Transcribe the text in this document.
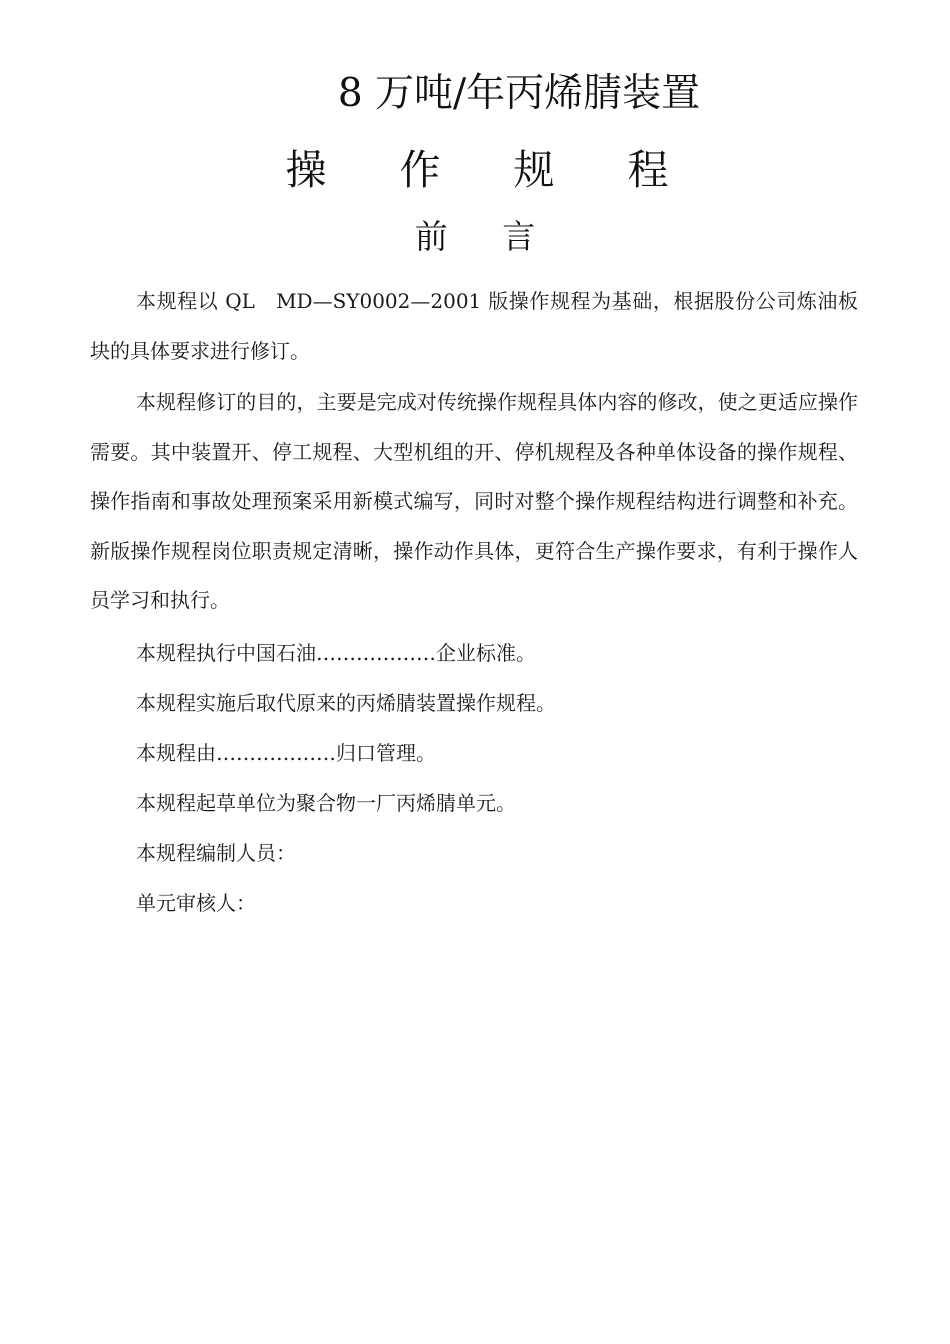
8 万吨/年丙烯腈装置
操 作 规 程
前 言

本规程以 QL　MD—SY0002—2001 版操作规程为基础，根据股份公司炼油板块的具体要求进行修订。

本规程修订的目的，主要是完成对传统操作规程具体内容的修改，使之更适应操作需要。其中装置开、停工规程、大型机组的开、停机规程及各种单体设备的操作规程、操作指南和事故处理预案采用新模式编写，同时对整个操作规程结构进行调整和补充。新版操作规程岗位职责规定清晰，操作动作具体，更符合生产操作要求，有利于操作人员学习和执行。

本规程执行中国石油………………企业标准。

本规程实施后取代原来的丙烯腈装置操作规程。

本规程由………………归口管理。

本规程起草单位为聚合物一厂丙烯腈单元。

本规程编制人员：

单元审核人：
